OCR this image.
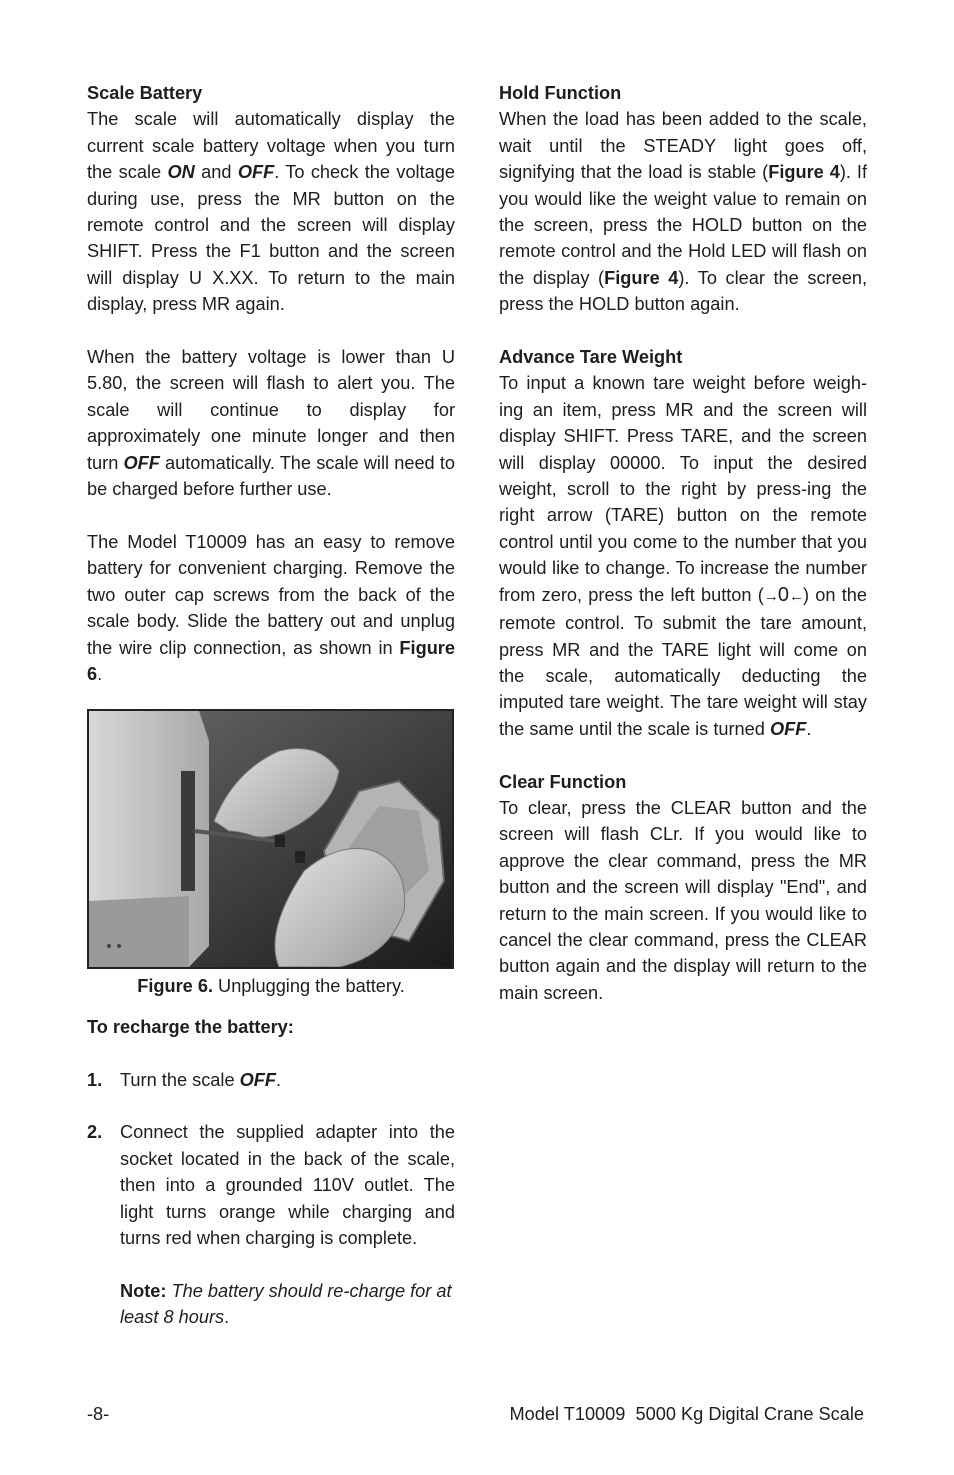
Scale Battery

The scale will automatically display the current scale battery voltage when you turn the scale ON and OFF. To check the voltage during use, press the MR button on the remote control and the screen will display SHIFT. Press the F1 button and the screen will display U X.XX. To return to the main display, press MR again.

When the battery voltage is lower than U 5.80, the screen will flash to alert you. The scale will continue to display for approximately one minute longer and then turn OFF automatically. The scale will need to be charged before further use.

The Model T10009 has an easy to remove battery for convenient charging. Remove the two outer cap screws from the back of the scale body. Slide the battery out and unplug the wire clip connection, as shown in Figure 6.

Figure 6. Unplugging the battery.
To recharge the battery:
1. Turn the scale OFF.
2. Connect the supplied adapter into the socket located in the back of the scale, then into a grounded 110V outlet. The light turns orange while charging and turns red when charging is complete.
Note: The battery should re-charge for at least 8 hours.
Hold Function

When the load has been added to the scale, wait until the STEADY light goes off, signifying that the load is stable (Figure 4). If you would like the weight value to remain on the screen, press the HOLD button on the remote control and the Hold LED will flash on the display (Figure 4). To clear the screen, press the HOLD button again.

Advance Tare Weight

To input a known tare weight before weigh-ing an item, press MR and the screen will display SHIFT. Press TARE, and the screen will display 00000. To input the desired weight, scroll to the right by press-ing the right arrow (TARE) button on the remote control until you come to the number that you would like to change. To increase the number from zero, press the left button (→0←) on the remote control. To submit the tare amount, press MR and the TARE light will come on the scale, automatically deducting the imputed tare weight. The tare weight will stay the same until the scale is turned OFF.

Clear Function

To clear, press the CLEAR button and the screen will flash CLr. If you would like to approve the clear command, press the MR button and the screen will display "End", and return to the main screen. If you would like to cancel the clear command, press the CLEAR button again and the display will return to the main screen.

-8-	Model T10009  5000 Kg Digital Crane Scale
